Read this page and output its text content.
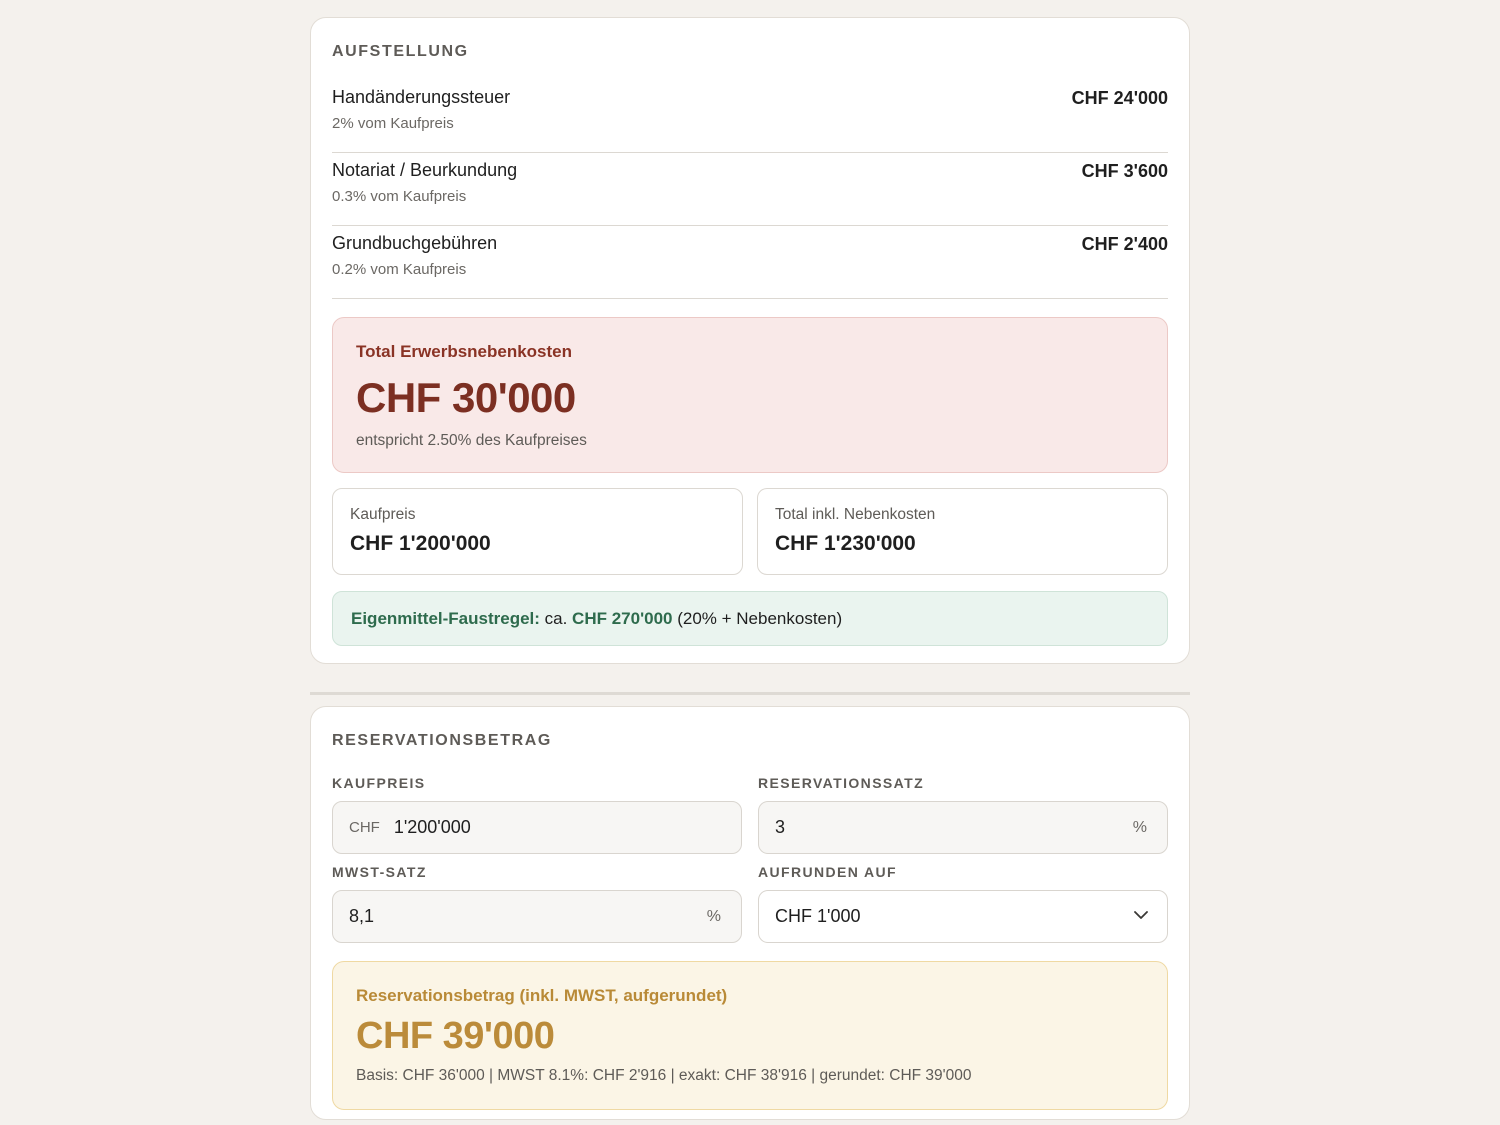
AUFSTELLUNG
Handänderungssteuer
2% vom Kaufpreis
CHF 24'000
Notariat / Beurkundung
0.3% vom Kaufpreis
CHF 3'600
Grundbuchgebühren
0.2% vom Kaufpreis
CHF 2'400
Total Erwerbsnebenkosten
CHF 30'000
entspricht 2.50% des Kaufpreises
Kaufpreis
CHF 1'200'000
Total inkl. Nebenkosten
CHF 1'230'000
Eigenmittel-Faustregel: ca. CHF 270'000 (20% + Nebenkosten)
RESERVATIONSBETRAG
KAUFPREIS
CHF 1'200'000
RESERVATIONSSATZ
3	%
MWST-SATZ
8,1	%
AUFRUNDEN AUF
CHF 1'000
Reservationsbetrag (inkl. MWST, aufgerundet)
CHF 39'000
Basis: CHF 36'000 | MWST 8.1%: CHF 2'916 | exakt: CHF 38'916 | gerundet: CHF 39'000
